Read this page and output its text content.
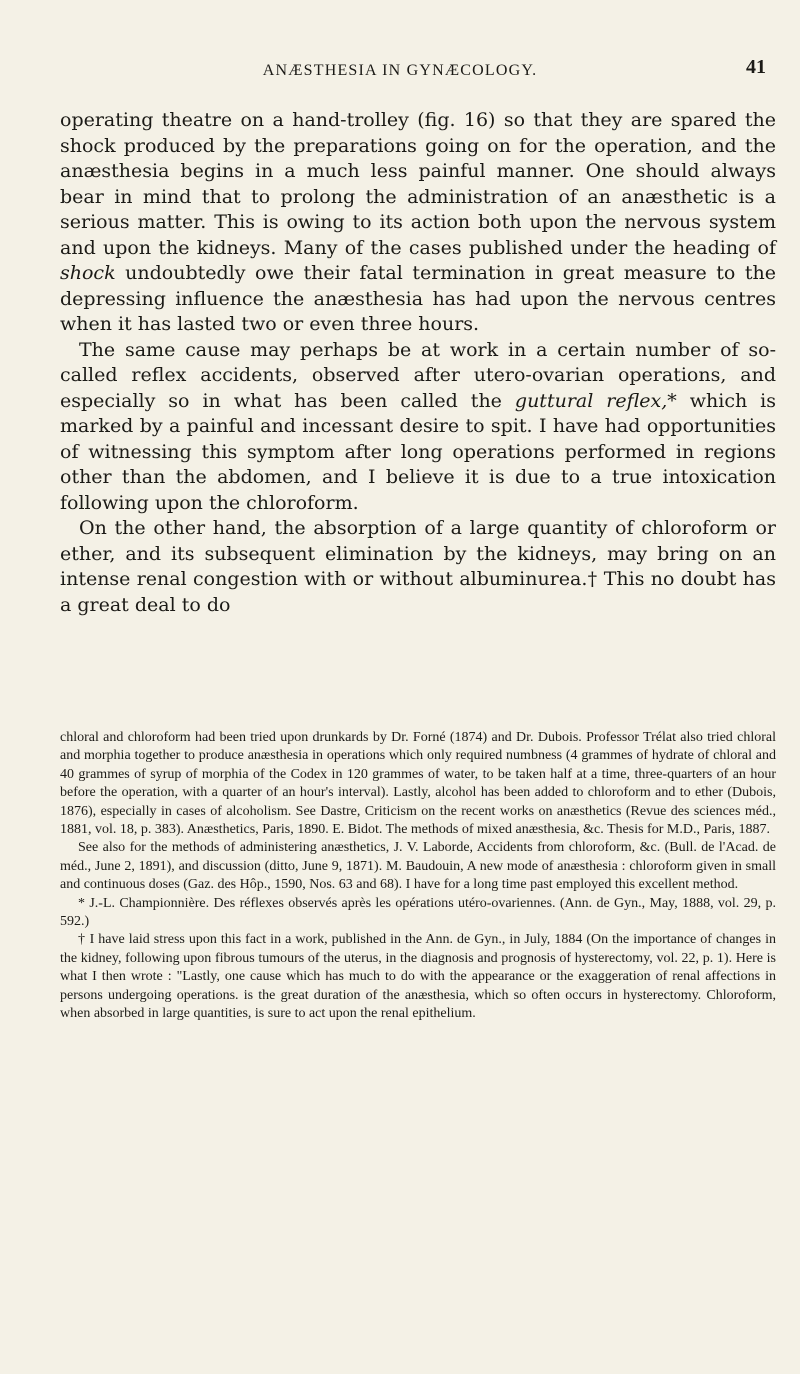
ANÆSTHESIA IN GYNÆCOLOGY.	41

operating theatre on a hand-trolley (fig. 16) so that they are spared the shock produced by the preparations going on for the operation, and the anæsthesia begins in a much less painful manner. One should always bear in mind that to prolong the administration of an anæsthetic is a serious matter. This is owing to its action both upon the nervous system and upon the kidneys. Many of the cases published under the heading of shock undoubtedly owe their fatal termination in great measure to the depressing influence the anæsthesia has had upon the nervous centres when it has lasted two or even three hours.

 The same cause may perhaps be at work in a certain number of so-called reflex accidents, observed after utero-ovarian operations, and especially so in what has been called the guttural reflex,* which is marked by a painful and incessant desire to spit. I have had opportunities of witnessing this symptom after long operations performed in regions other than the abdomen, and I believe it is due to a true intoxication following upon the chloroform.

 On the other hand, the absorption of a large quantity of chloroform or ether, and its subsequent elimination by the kidneys, may bring on an intense renal congestion with or without albuminurea.† This no doubt has a great deal to do

chloral and chloroform had been tried upon drunkards by Dr. Forné (1874) and Dr. Dubois. Professor Trélat also tried chloral and morphia together to produce anæsthesia in operations which only required numbness (4 grammes of hydrate of chloral and 40 grammes of syrup of morphia of the Codex in 120 grammes of water, to be taken half at a time, three-quarters of an hour before the operation, with a quarter of an hour's interval). Lastly, alcohol has been added to chloroform and to ether (Dubois, 1876), especially in cases of alcoholism. See Dastre, Criticism on the recent works on anæsthetics (Revue des sciences méd., 1881, vol. 18, p. 383). Anæsthetics, Paris, 1890. E. Bidot. The methods of mixed anæsthesia, &c. Thesis for M.D., Paris, 1887.

See also for the methods of administering anæsthetics, J. V. Laborde, Accidents from chloroform, &c. (Bull. de l'Acad. de méd., June 2, 1891), and discussion (ditto, June 9, 1871). M. Baudouin, A new mode of anæsthesia : chloroform given in small and continuous doses (Gaz. des Hôp., 1590, Nos. 63 and 68). I have for a long time past employed this excellent method.

* J.-L. Championnière. Des réflexes observés après les opérations utéro-ovariennes. (Ann. de Gyn., May, 1888, vol. 29, p. 592.)

† I have laid stress upon this fact in a work, published in the Ann. de Gyn., in July, 1884 (On the importance of changes in the kidney, following upon fibrous tumours of the uterus, in the diagnosis and prognosis of hysterectomy, vol. 22, p. 1). Here is what I then wrote : "Lastly, one cause which has much to do with the appearance or the exaggeration of renal affections in persons undergoing operations. is the great duration of the anæsthesia, which so often occurs in hysterectomy. Chloroform, when absorbed in large quantities, is sure to act upon the renal epithelium.
